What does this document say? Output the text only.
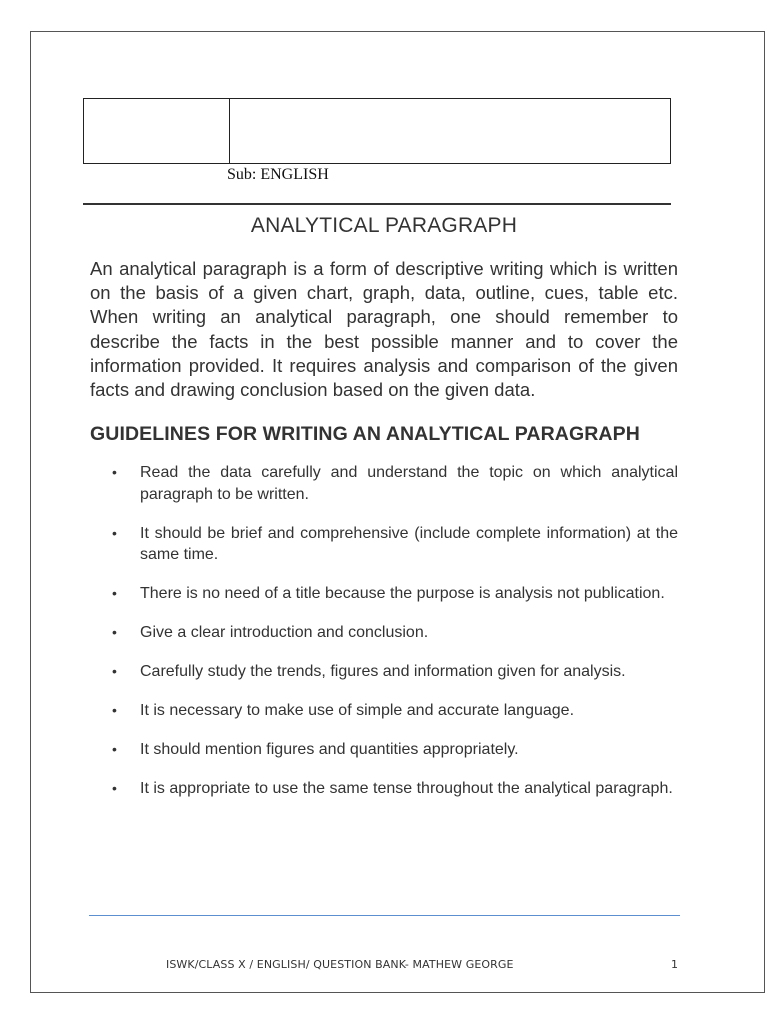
Sub: ENGLISH
ANALYTICAL PARAGRAPH

An analytical paragraph is a form of descriptive writing which is written on the basis of a given chart, graph, data, outline, cues, table etc. When writing an analytical paragraph, one should remember to describe the facts in the best possible manner and to cover the information provided. It requires analysis and comparison of the given facts and drawing conclusion based on the given data.

GUIDELINES FOR WRITING AN ANALYTICAL PARAGRAPH
• Read the data carefully and understand the topic on which analytical paragraph to be written.
• It should be brief and comprehensive (include complete information) at the same time.
• There is no need of a title because the purpose is analysis not publication.
• Give a clear introduction and conclusion.
• Carefully study the trends, figures and information given for analysis.
• It is necessary to make use of simple and accurate language.
• It should mention figures and quantities appropriately.
• It is appropriate to use the same tense throughout the analytical paragraph.
ISWK/CLASS X / ENGLISH/ QUESTION BANK- MATHEW GEORGE	1
